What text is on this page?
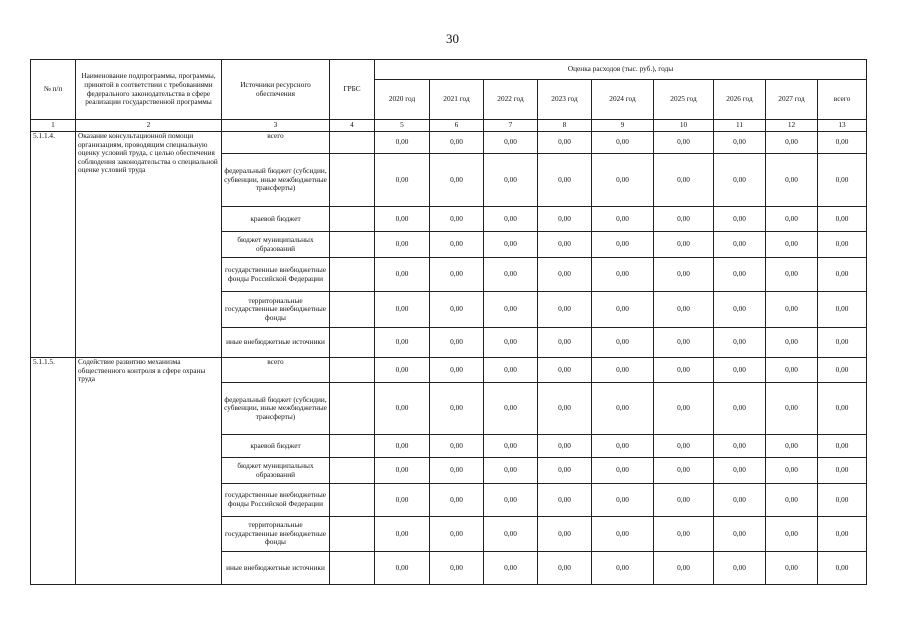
30
№ п/п	Наименование подпрограммы, программы, принятой в соответствии с требованиями федерального законодательства в сфере реализации государственной программы	Источники ресурсного обеспечения	ГРБС	Оценка расходов (тыс. руб.), годы								
				2020 год	2021 год	2022 год	2023 год	2024 год	2025 год	2026 год	2027 год	всего
1	2	3	4	5	6	7	8	9	10	11	12	13
5.1.1.4.	Оказание консультационной помощи организациям, проводящим специальную оценку условий труда, с целью обеспечения соблюдения законодательства о специальной оценке условий труда	всего		0,00	0,00	0,00	0,00	0,00	0,00	0,00	0,00	0,00
		федеральный бюджет (субсидии, субвенции, иные межбюджетные трансферты)		0,00	0,00	0,00	0,00	0,00	0,00	0,00	0,00	0,00
		краевой бюджет		0,00	0,00	0,00	0,00	0,00	0,00	0,00	0,00	0,00
		бюджет муниципальных образований		0,00	0,00	0,00	0,00	0,00	0,00	0,00	0,00	0,00
		государственные внебюджетные фонды Российской Федерации		0,00	0,00	0,00	0,00	0,00	0,00	0,00	0,00	0,00
		территориальные государственные внебюджетные фонды		0,00	0,00	0,00	0,00	0,00	0,00	0,00	0,00	0,00
		иные внебюджетные источники		0,00	0,00	0,00	0,00	0,00	0,00	0,00	0,00	0,00
5.1.1.5.	Содействие развитию механизма общественного контроля в сфере охраны труда	всего		0,00	0,00	0,00	0,00	0,00	0,00	0,00	0,00	0,00
		федеральный бюджет (субсидии, субвенции, иные межбюджетные трансферты)		0,00	0,00	0,00	0,00	0,00	0,00	0,00	0,00	0,00
		краевой бюджет		0,00	0,00	0,00	0,00	0,00	0,00	0,00	0,00	0,00
		бюджет муниципальных образований		0,00	0,00	0,00	0,00	0,00	0,00	0,00	0,00	0,00
		государственные внебюджетные фонды Российской Федерации		0,00	0,00	0,00	0,00	0,00	0,00	0,00	0,00	0,00
		территориальные государственные внебюджетные фонды		0,00	0,00	0,00	0,00	0,00	0,00	0,00	0,00	0,00
		иные внебюджетные источники		0,00	0,00	0,00	0,00	0,00	0,00	0,00	0,00	0,00
